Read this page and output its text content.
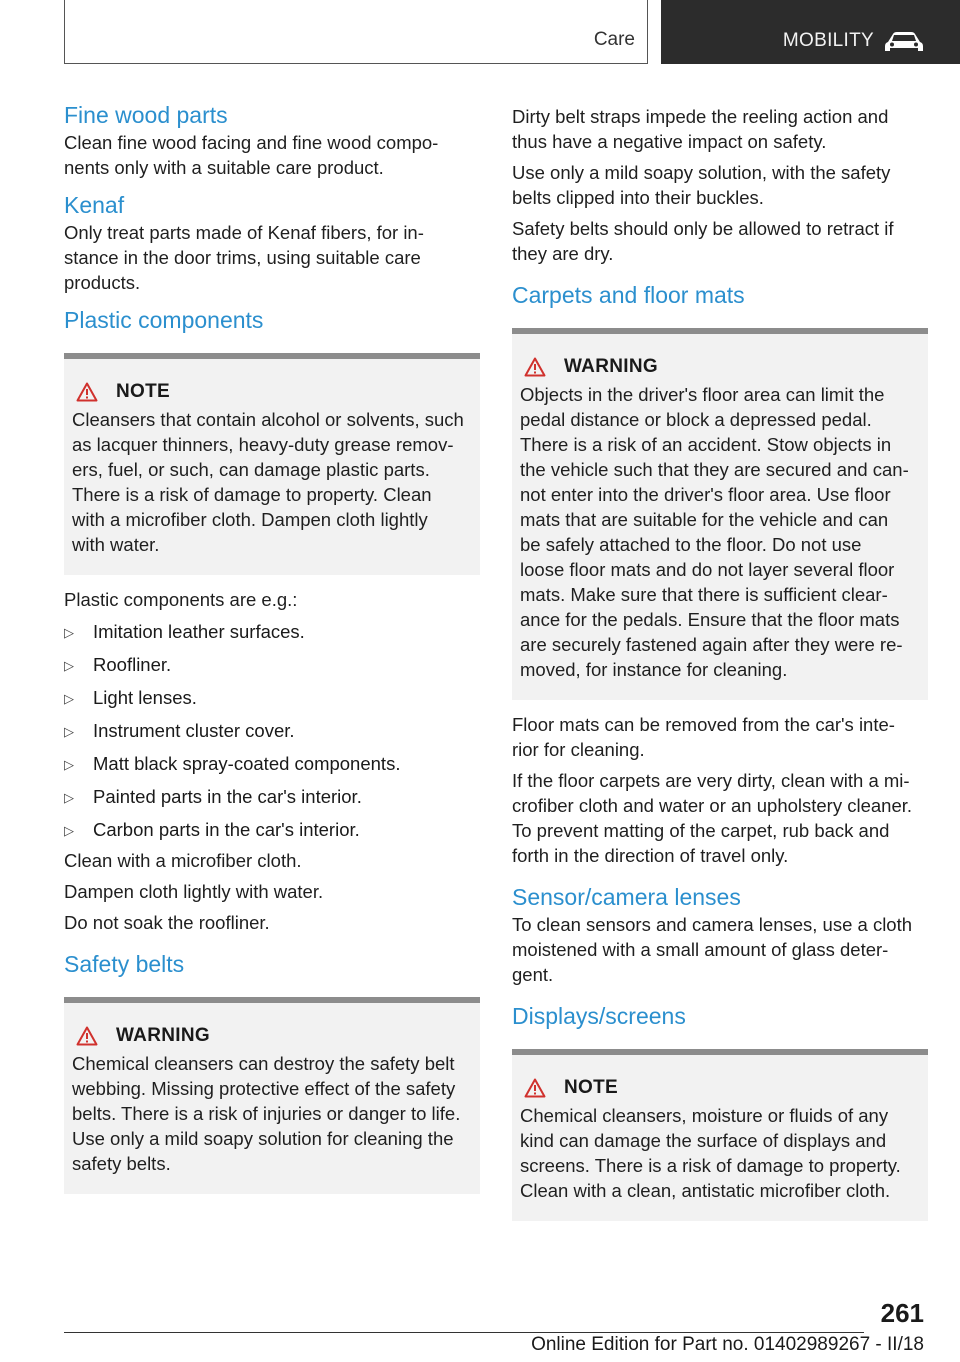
Care	MOBILITY
Fine wood parts

Clean fine wood facing and fine wood compo‐
nents only with a suitable care product.

Kenaf

Only treat parts made of Kenaf fibers, for in‐
stance in the door trims, using suitable care
products.

Plastic components
NOTE

Cleansers that contain alcohol or solvents, such
as lacquer thinners, heavy-duty grease remov‐
ers, fuel, or such, can damage plastic parts.
There is a risk of damage to property. Clean
with a microfiber cloth. Dampen cloth lightly
with water.

Plastic components are e.g.:

▷	Imitation leather surfaces.
▷	Roofliner.
▷	Light lenses.
▷	Instrument cluster cover.
▷	Matt black spray-coated components.
▷	Painted parts in the car's interior.
▷	Carbon parts in the car's interior.

Clean with a microfiber cloth.

Dampen cloth lightly with water.

Do not soak the roofliner.

Safety belts
WARNING

Chemical cleansers can destroy the safety belt
webbing. Missing protective effect of the safety
belts. There is a risk of injuries or danger to life.
Use only a mild soapy solution for cleaning the
safety belts.

Dirty belt straps impede the reeling action and
thus have a negative impact on safety.

Use only a mild soapy solution, with the safety
belts clipped into their buckles.

Safety belts should only be allowed to retract if
they are dry.

Carpets and floor mats
WARNING

Objects in the driver's floor area can limit the
pedal distance or block a depressed pedal.
There is a risk of an accident. Stow objects in
the vehicle such that they are secured and can‐
not enter into the driver's floor area. Use floor
mats that are suitable for the vehicle and can
be safely attached to the floor. Do not use
loose floor mats and do not layer several floor
mats. Make sure that there is sufficient clear‐
ance for the pedals. Ensure that the floor mats
are securely fastened again after they were re‐
moved, for instance for cleaning.

Floor mats can be removed from the car's inte‐
rior for cleaning.

If the floor carpets are very dirty, clean with a mi‐
crofiber cloth and water or an upholstery cleaner.
To prevent matting of the carpet, rub back and
forth in the direction of travel only.

Sensor/camera lenses

To clean sensors and camera lenses, use a cloth
moistened with a small amount of glass deter‐
gent.

Displays/screens
NOTE

Chemical cleansers, moisture or fluids of any
kind can damage the surface of displays and
screens. There is a risk of damage to property.
Clean with a clean, antistatic microfiber cloth.

261
Online Edition for Part no. 01402989267 - II/18
